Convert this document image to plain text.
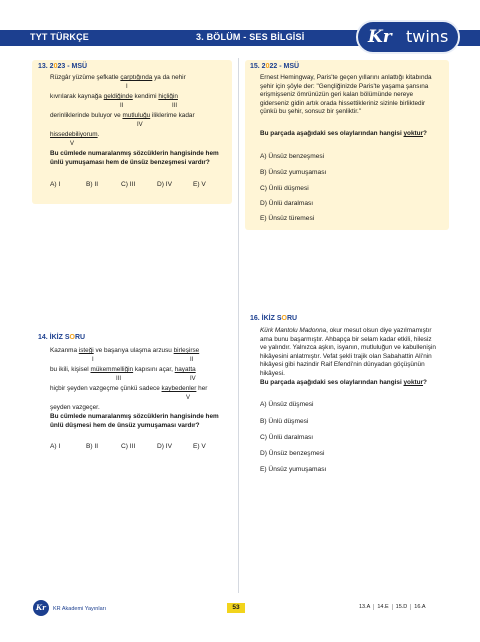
TYT TÜRKÇE	3. BÖLÜM - SES BİLGİSİ	Kr twins
13. 2023 - MSÜ
Rüzgâr yüzüme şefkatle çarptığında ya da nehir
I
kıvrılarak kaynağa geldiğinde kendimi hiçliğin
II	III
derinliklerinde buluyor ve mutluluğu iliklerime kadar
IV
hissedebiliyorum.
V
Bu cümlede numaralanmış sözcüklerin hangisinde hem ünlü yumuşaması hem de ünsüz benzeşmesi vardır?
A) I	B) II	C) III	D) IV	E) V
14. İKİZ SORU
Kazanma isteği ve başarıya ulaşma arzusu birleşirse
I	II
bu ikili, kişisel mükemmelliğin kapısını açar, hayatta
III	IV
hiçbir şeyden vazgeçme çünkü sadece kaybedenler her
V
şeyden vazgeçer.
Bu cümlede numaralanmış sözcüklerin hangisinde hem ünlü düşmesi hem de ünsüz yumuşaması vardır?
A) I	B) II	C) III	D) IV	E) V
15. 2022 - MSÜ
Ernest Hemingway, Paris'te geçen yıllarını anlattığı kitabında şehir için şöyle der: "Gençliğinizde Paris'te yaşama şansına erişmişseniz ömrünüzün geri kalan bölümünde nereye giderseniz gidin artık orada hissettikleriniz sizinle birliktedir çünkü bu şehir, sonsuz bir şenliktir."
Bu parçada aşağıdaki ses olaylarından hangisi yoktur?
A) Ünsüz benzeşmesi
B) Ünsüz yumuşaması
C) Ünlü düşmesi
D) Ünlü daralması
E) Ünsüz türemesi
16. İKİZ SORU
Kürk Mantolu Madonna, okur mesut olsun diye yazılmamıştır ama bunu başarmıştır. Ahbapça bir selam kadar etkili, hilesiz ve yalındır. Yalnızca aşkın, isyanın, mutluluğun ve kabullenişin hikâyesini anlatmıştır. Vefat şekli trajik olan Sabahattin Ali'nin hikâyesi gibi hazindir Raif Efendi'nin dünyadan göçüşünün hikâyesi.
Bu parçada aşağıdaki ses olaylarından hangisi yoktur?
A) Ünsüz düşmesi
B) Ünlü düşmesi
C) Ünlü daralması
D) Ünsüz benzeşmesi
E) Ünsüz yumuşaması
Kr KR Akademi Yayınları	53	13.A 14.E 15.D 16.A
